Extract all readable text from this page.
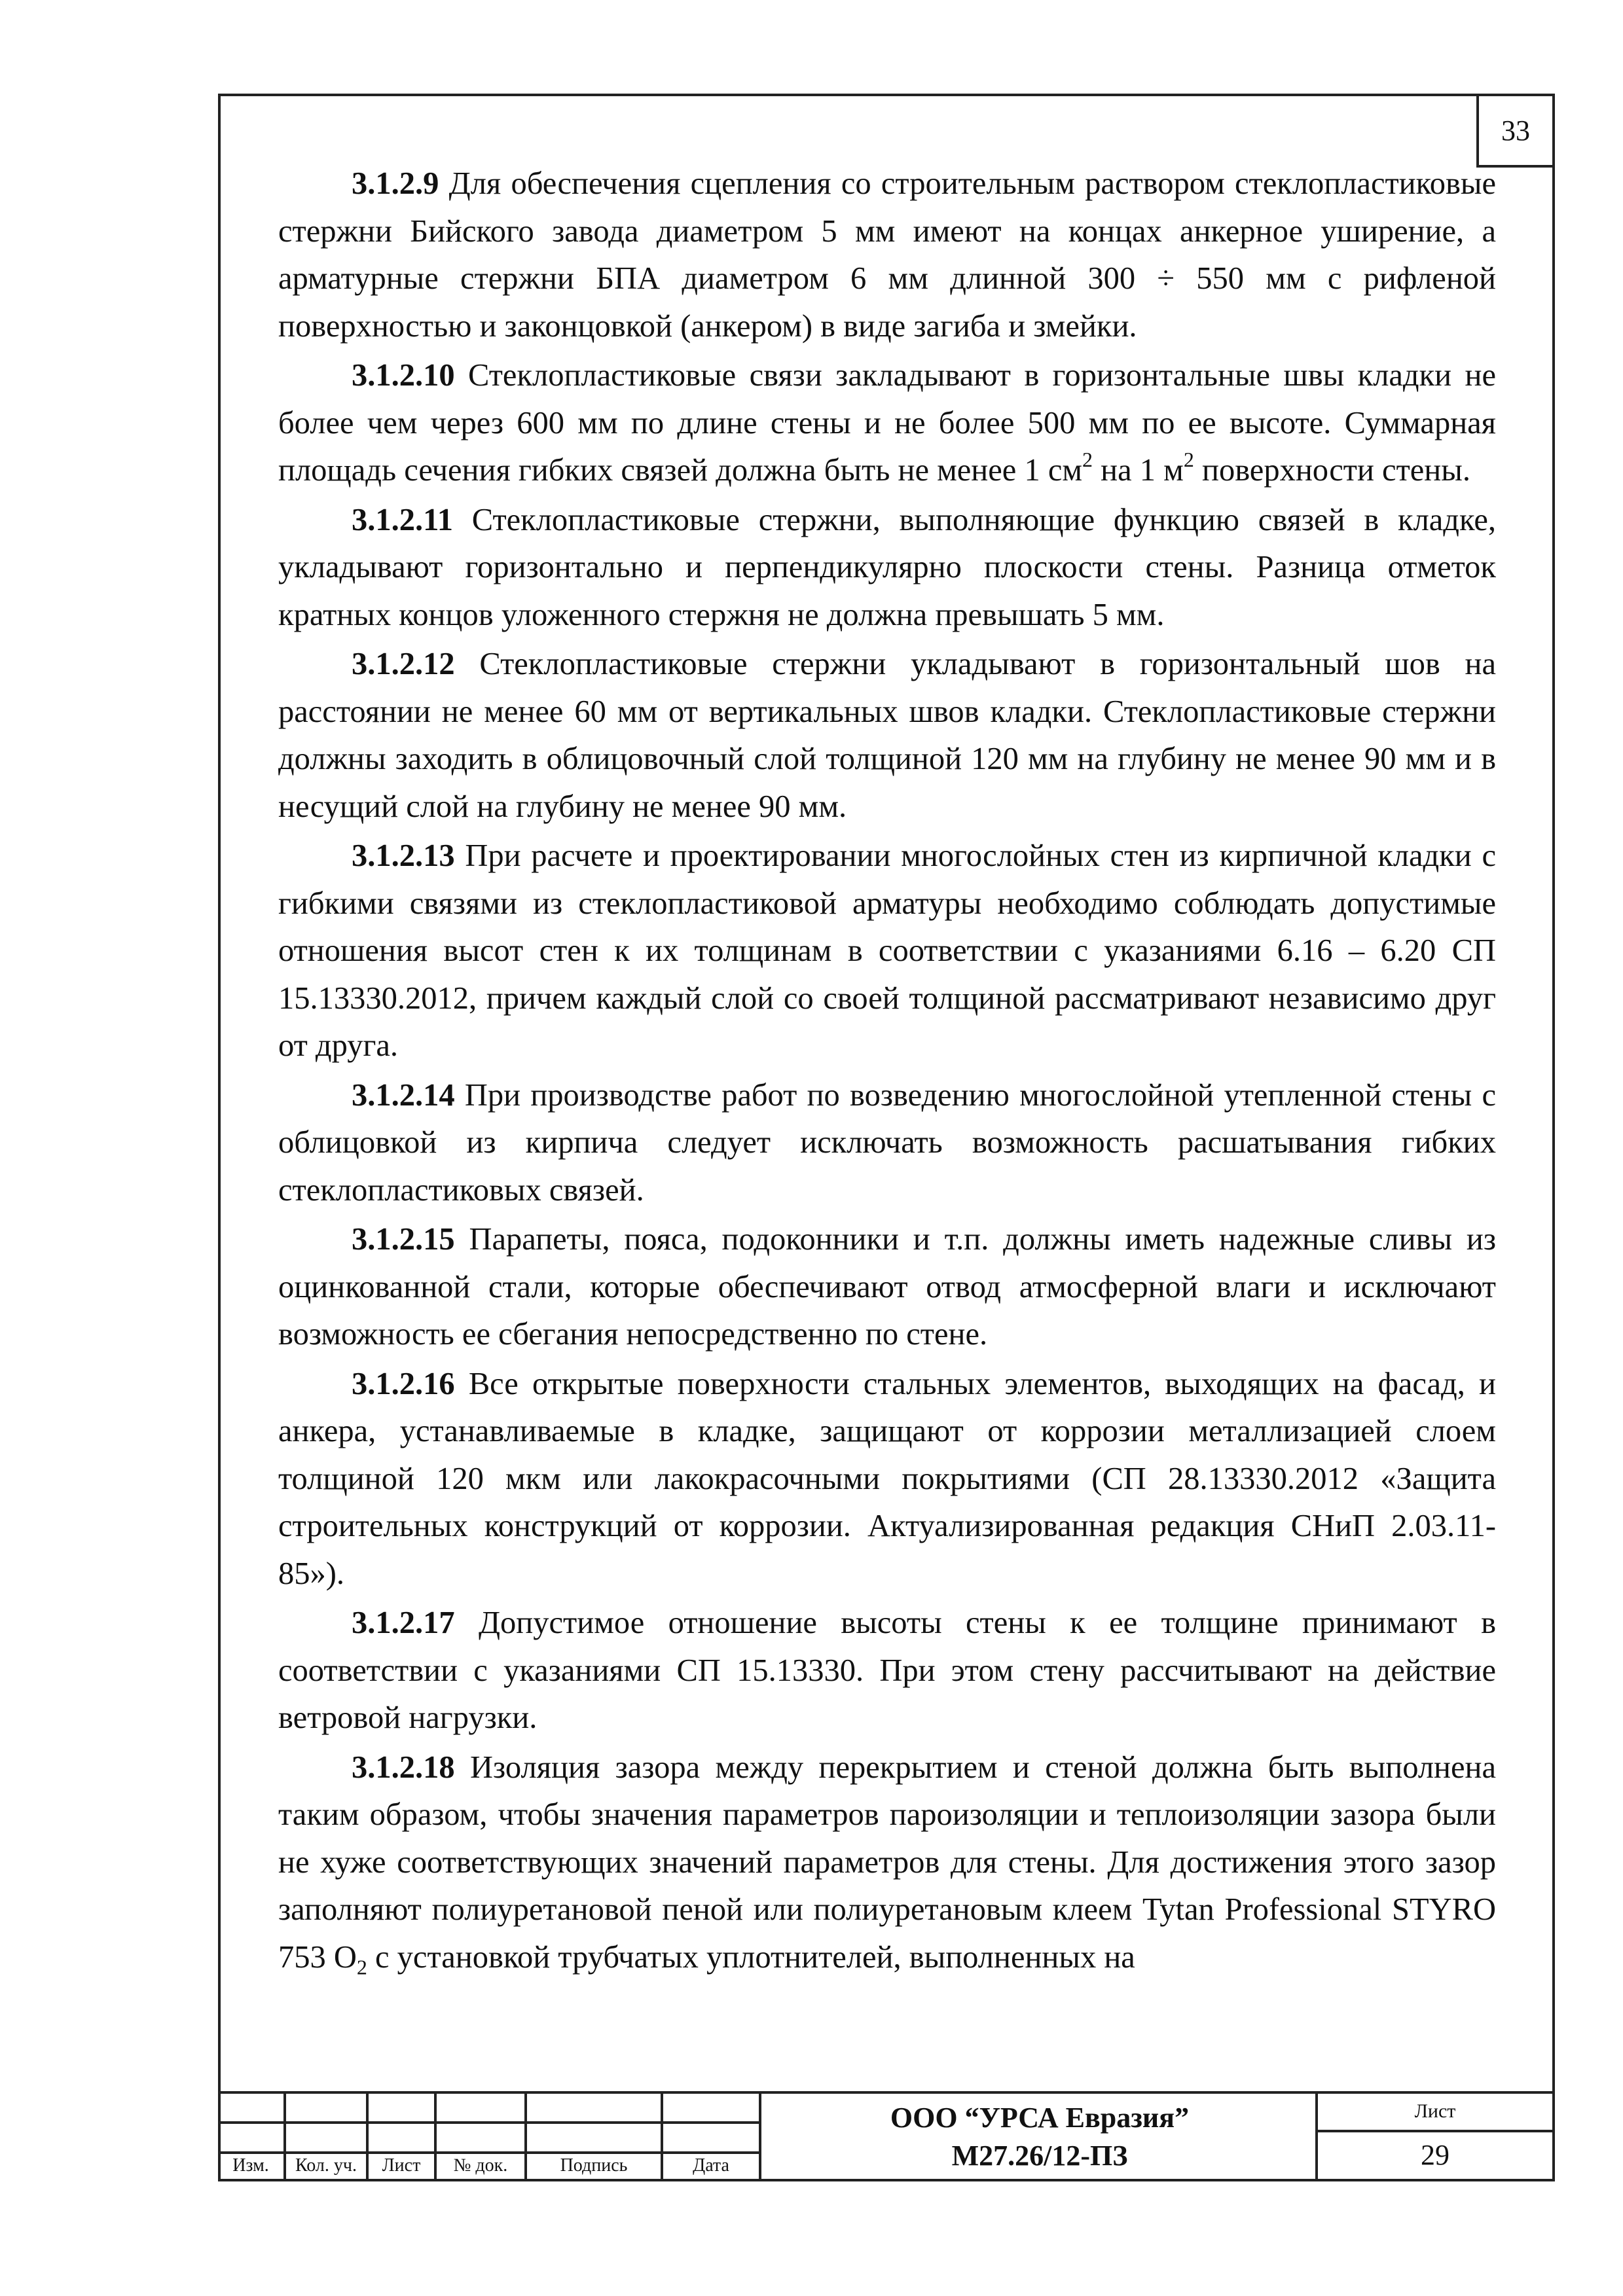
33

3.1.2.9 Для обеспечения сцепления со строительным раствором стеклопластиковые стержни Бийского завода диаметром 5 мм имеют на концах анкерное уширение, а арматурные стержни БПА диаметром 6 мм длинной 300 ÷ 550 мм с рифленой поверхностью и законцовкой (анкером) в виде загиба и змейки.

3.1.2.10 Стеклопластиковые связи закладывают в горизонтальные швы кладки не более чем через 600 мм по длине стены и не более 500 мм по ее высоте. Суммарная площадь сечения гибких связей должна быть не менее 1 $см^2$ на 1 $м^2$ поверхности стены.

3.1.2.11 Стеклопластиковые стержни, выполняющие функцию связей в кладке, укладывают горизонтально и перпендикулярно плоскости стены. Разница отметок кратных концов уложенного стержня не должна превышать 5 мм.

3.1.2.12 Стеклопластиковые стержни укладывают в горизонтальный шов на расстоянии не менее 60 мм от вертикальных швов кладки. Стеклопластиковые стержни должны заходить в облицовочный слой толщиной 120 мм на глубину не менее 90 мм и в несущий слой на глубину не менее 90 мм.

3.1.2.13 При расчете и проектировании многослойных стен из кирпичной кладки с гибкими связями из стеклопластиковой арматуры необходимо соблюдать допустимые отношения высот стен к их толщинам в соответствии с указаниями 6.16 – 6.20 СП 15.13330.2012, причем каждый слой со своей толщиной рассматривают независимо друг от друга.

3.1.2.14 При производстве работ по возведению многослойной утепленной стены с облицовкой из кирпича следует исключать возможность расшатывания гибких стеклопластиковых связей.

3.1.2.15 Парапеты, пояса, подоконники и т.п. должны иметь надежные сливы из оцинкованной стали, которые обеспечивают отвод атмосферной влаги и исключают возможность ее сбегания непосредственно по стене.

3.1.2.16 Все открытые поверхности стальных элементов, выходящих на фасад, и анкера, устанавливаемые в кладке, защищают от коррозии металлизацией слоем толщиной 120 мкм или лакокрасочными покрытиями (СП 28.13330.2012 «Защита строительных конструкций от коррозии. Актуализированная редакция СНиП 2.03.11-85»).

3.1.2.17 Допустимое отношение высоты стены к ее толщине принимают в соответствии с указаниями СП 15.13330. При этом стену рассчитывают на действие ветровой нагрузки.

3.1.2.18 Изоляция зазора между перекрытием и стеной должна быть выполнена таким образом, чтобы значения параметров пароизоляции и теплоизоляции зазора были не хуже соответствующих значений параметров для стены. Для достижения этого зазор заполняют полиуретановой пеной или полиуретановым клеем Tytan Professional STYRO 753 $O_2$ с установкой трубчатых уплотнителей, выполненных на

Изм.	Кол. уч.	Лист	№ док.	Подпись	Дата
ООО “УРСА Евразия”
М27.26/12-ПЗ
Лист
29
